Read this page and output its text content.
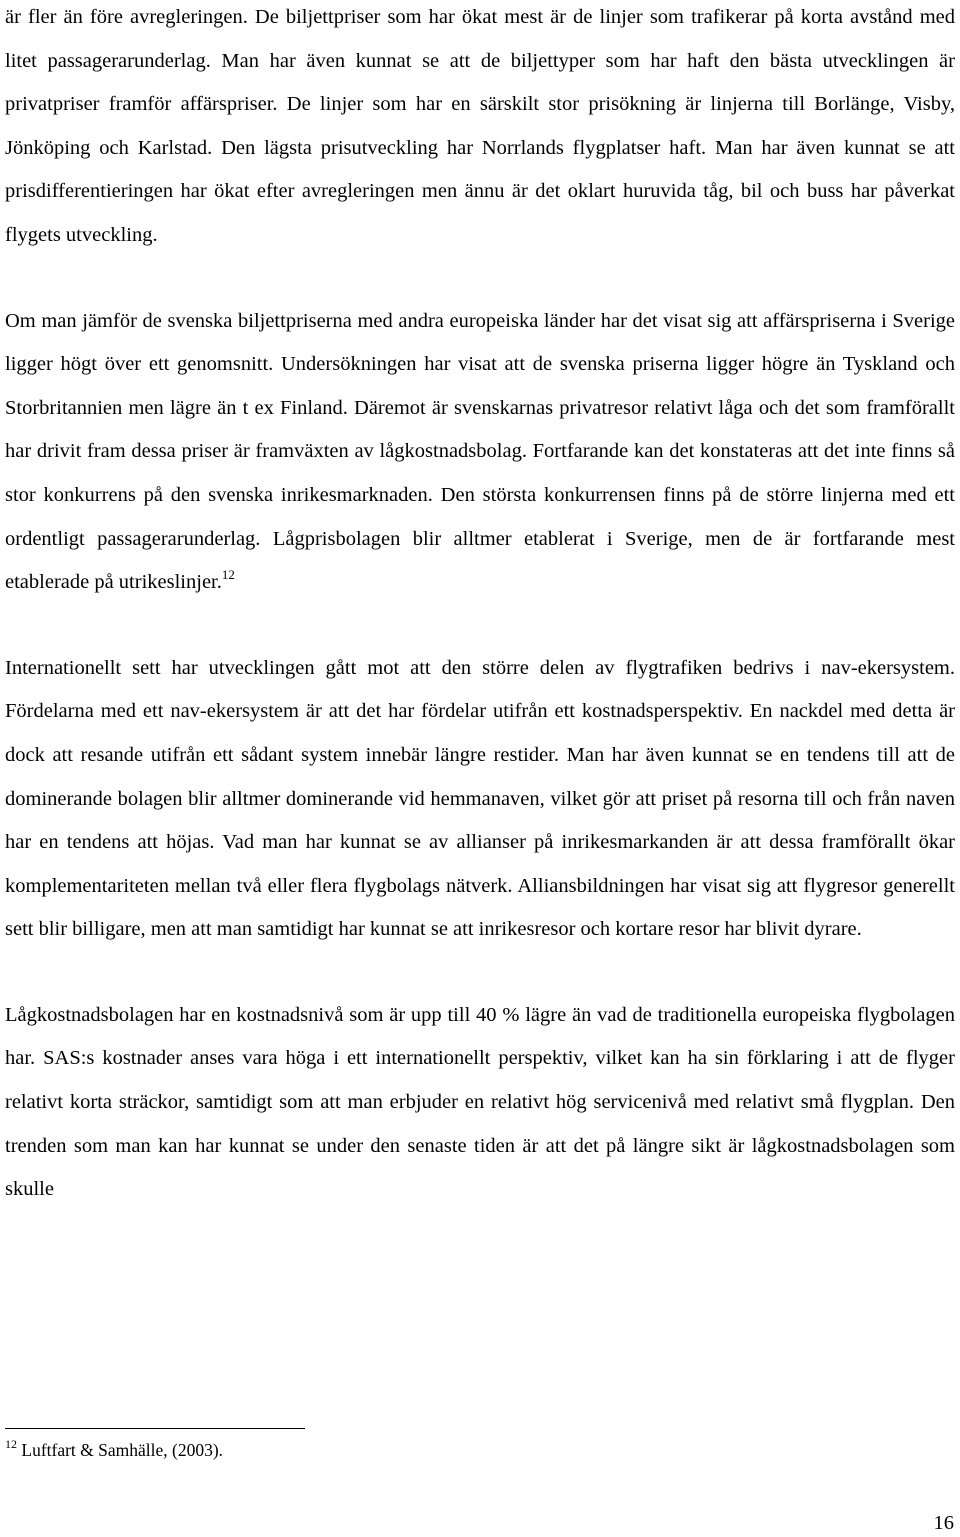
är fler än före avregleringen. De biljettpriser som har ökat mest är de linjer som trafikerar på korta avstånd med litet passagerarunderlag. Man har även kunnat se att de biljettyper som har haft den bästa utvecklingen är privatpriser framför affärspriser. De linjer som har en särskilt stor prisökning är linjerna till Borlänge, Visby, Jönköping och Karlstad. Den lägsta prisutveckling har Norrlands flygplatser haft. Man har även kunnat se att prisdifferentieringen har ökat efter avregleringen men ännu är det oklart huruvida tåg, bil och buss har påverkat flygets utveckling.

Om man jämför de svenska biljettpriserna med andra europeiska länder har det visat sig att affärspriserna i Sverige ligger högt över ett genomsnitt. Undersökningen har visat att de svenska priserna ligger högre än Tyskland och Storbritannien men lägre än t ex Finland. Däremot är svenskarnas privatresor relativt låga och det som framförallt har drivit fram dessa priser är framväxten av lågkostnadsbolag. Fortfarande kan det konstateras att det inte finns så stor konkurrens på den svenska inrikesmarknaden. Den största konkurrensen finns på de större linjerna med ett ordentligt passagerarunderlag. Lågprisbolagen blir alltmer etablerat i Sverige, men de är fortfarande mest etablerade på utrikeslinjer.$^{12}$

Internationellt sett har utvecklingen gått mot att den större delen av flygtrafiken bedrivs i nav-ekersystem. Fördelarna med ett nav-ekersystem är att det har fördelar utifrån ett kostnadsperspektiv. En nackdel med detta är dock att resande utifrån ett sådant system innebär längre restider. Man har även kunnat se en tendens till att de dominerande bolagen blir alltmer dominerande vid hemmanaven, vilket gör att priset på resorna till och från naven har en tendens att höjas. Vad man har kunnat se av allianser på inrikesmarkanden är att dessa framförallt ökar komplementariteten mellan två eller flera flygbolags nätverk. Alliansbildningen har visat sig att flygresor generellt sett blir billigare, men att man samtidigt har kunnat se att inrikesresor och kortare resor har blivit dyrare.

Lågkostnadsbolagen har en kostnadsnivå som är upp till 40 % lägre än vad de traditionella europeiska flygbolagen har. SAS:s kostnader anses vara höga i ett internationellt perspektiv, vilket kan ha sin förklaring i att de flyger relativt korta sträckor, samtidigt som att man erbjuder en relativt hög servicenivå med relativt små flygplan. Den trenden som man kan har kunnat se under den senaste tiden är att det på längre sikt är lågkostnadsbolagen som skulle

$^{12}$ Luftfart & Samhälle, (2003).

16
